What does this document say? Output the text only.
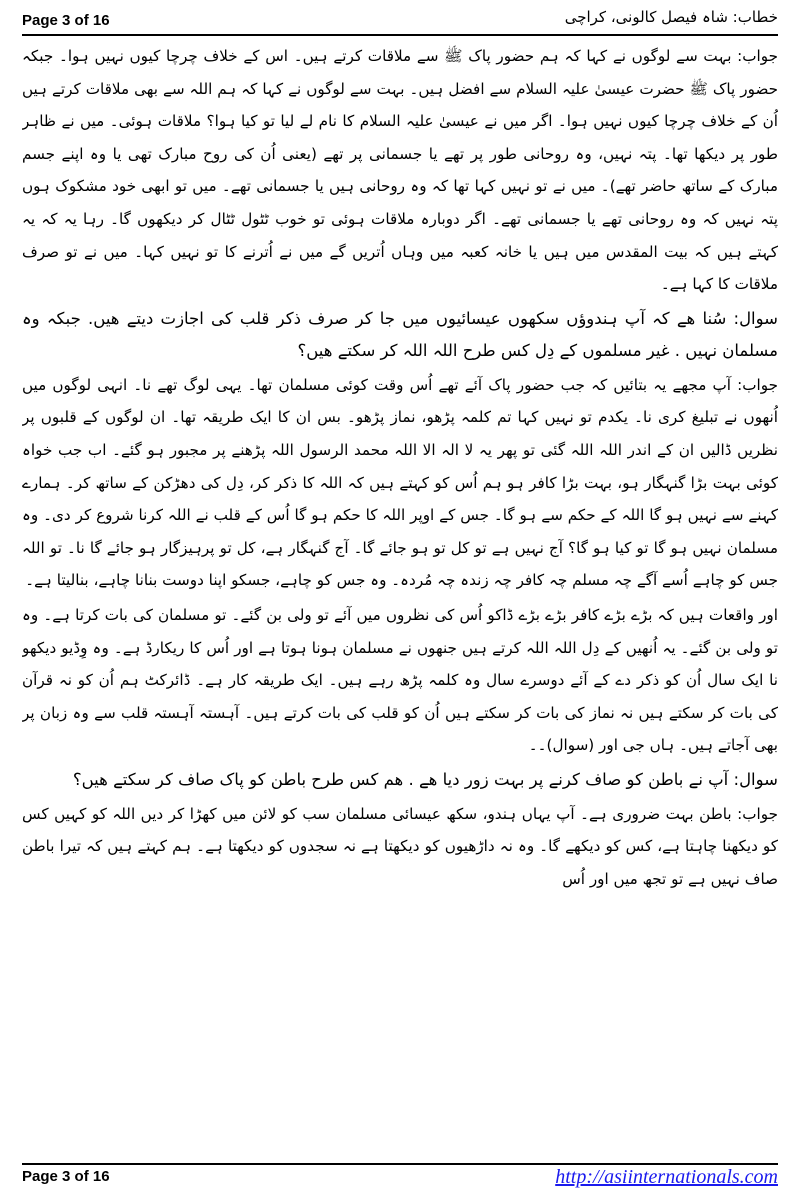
Page 3 of 16	خطاب: شاہ فیصل کالونی، کراچی

جواب: بہت سے لوگوں نے کہا کہ ہم حضور پاک ﷺ سے ملاقات کرتے ہیں۔ اس کے خلاف چرچا کیوں نہیں ہوا۔ جبکہ حضور پاک ﷺ حضرت عیسیٰ علیہ السلام سے افضل ہیں۔ بہت سے لوگوں نے کہا کہ ہم اللہ سے بھی ملاقات کرتے ہیں اُن کے خلاف چرچا کیوں نہیں ہوا۔ اگر میں نے عیسیٰ علیہ السلام کا نام لے لیا تو کیا ہوا؟ ملاقات ہوئی۔ میں نے ظاہر طور پر دیکھا تھا۔ پتہ نہیں، وہ روحانی طور پر تھے یا جسمانی پر تھے (یعنی اُن کی روح مبارک تھی یا وہ اپنے جسم مبارک کے ساتھ حاضر تھے)۔ میں نے تو نہیں کہا تھا کہ وہ روحانی ہیں یا جسمانی تھے۔ میں تو ابھی خود مشکوک ہوں پتہ نہیں کہ وہ روحانی تھے یا جسمانی تھے۔ اگر دوبارہ ملاقات ہوئی تو خوب ٹٹول ٹٹال کر دیکھوں گا۔ رہا یہ کہ یہ کہتے ہیں کہ بیت المقدس میں ہیں یا خانہ کعبہ میں وہاں اُتریں گے میں نے اُترنے کا تو نہیں کہا۔ میں نے تو صرف ملاقات کا کہا ہے۔

سوال: سُنا ھے کہ آپ ہندوؤں سکھوں عیسائیوں میں جا کر صرف ذکر قلب کی اجازت دیتے ھیں. جبکہ وہ مسلمان نہیں . غیر مسلموں کے دِل کس طرح اللہ اللہ کر سکتے ھیں؟

جواب: آپ مجھے یہ بتائیں کہ جب حضور پاک آئے تھے اُس وقت کوئی مسلمان تھا۔ یہی لوگ تھے نا۔ انہی لوگوں میں اُنھوں نے تبلیغ کری نا۔ یکدم تو نہیں کہا تم کلمہ پڑھو، نماز پڑھو۔ بس ان کا ایک طریقہ تھا۔ ان لوگوں کے قلبوں پر نظریں ڈالیں ان کے اندر اللہ اللہ گئی تو پھر یہ لا الہ الا اللہ محمد الرسول اللہ پڑھنے پر مجبور ہو گئے۔ اب جب خواہ کوئی بہت بڑا گنہگار ہو، بہت بڑا کافر ہو ہم اُس کو کہتے ہیں کہ اللہ کا ذکر کر، دِل کی دھڑکن کے ساتھ کر۔ ہمارے کہنے سے نہیں ہو گا اللہ کے حکم سے ہو گا۔ جس کے اوپر اللہ کا حکم ہو گا اُس کے قلب نے اللہ کرنا شروع کر دی۔ وہ مسلمان نہیں ہو گا تو کیا ہو گا؟ آج نہیں ہے تو کل تو ہو جائے گا۔ آج گنہگار ہے، کل تو پرہیزگار ہو جائے گا نا۔ تو اللہ جس کو چاہے اُسے آگے چہ مسلم چہ کافر چہ زندہ چہ مُردہ۔ وہ جس کو چاہے، جسکو اپنا دوست بنانا چاہے، بنالیتا ہے۔

اور واقعات ہیں کہ بڑے بڑے کافر بڑے بڑے ڈاکو اُس کی نظروں میں آئے تو ولی بن گئے۔ تو مسلمان کی بات کرتا ہے۔ وہ تو ولی بن گئے۔ یہ اُنھیں کے دِل اللہ اللہ کرتے ہیں جنھوں نے مسلمان ہونا ہوتا ہے اور اُس کا ریکارڈ ہے۔ وہ وِڈیو دیکھو نا ایک سال اُن کو ذکر دے کے آئے دوسرے سال وہ کلمہ پڑھ رہے ہیں۔ ایک طریقہ کار ہے۔ ڈائرکٹ ہم اُن کو نہ قرآن کی بات کر سکتے ہیں نہ نماز کی بات کر سکتے ہیں اُن کو قلب کی بات کرتے ہیں۔ آہستہ آہستہ قلب سے وہ زبان پر بھی آجاتے ہیں۔ ہاں جی اور (سوال)۔۔

سوال: آپ نے باطن کو صاف کرنے پر بہت زور دیا ھے . ھم کس طرح باطن کو پاک صاف کر سکتے ھیں؟

جواب: باطن بہت ضروری ہے۔ آپ یہاں ہندو، سکھ عیسائی مسلمان سب کو لائن میں کھڑا کر دیں اللہ کو کہیں کس کو دیکھنا چاہتا ہے، کس کو دیکھے گا۔ وہ نہ داڑھیوں کو دیکھتا ہے نہ سجدوں کو دیکھتا ہے۔ ہم کہتے ہیں کہ تیرا باطن صاف نہیں ہے تو تجھ میں اور اُس

Page 3 of 16	http://asiinternationals.com
